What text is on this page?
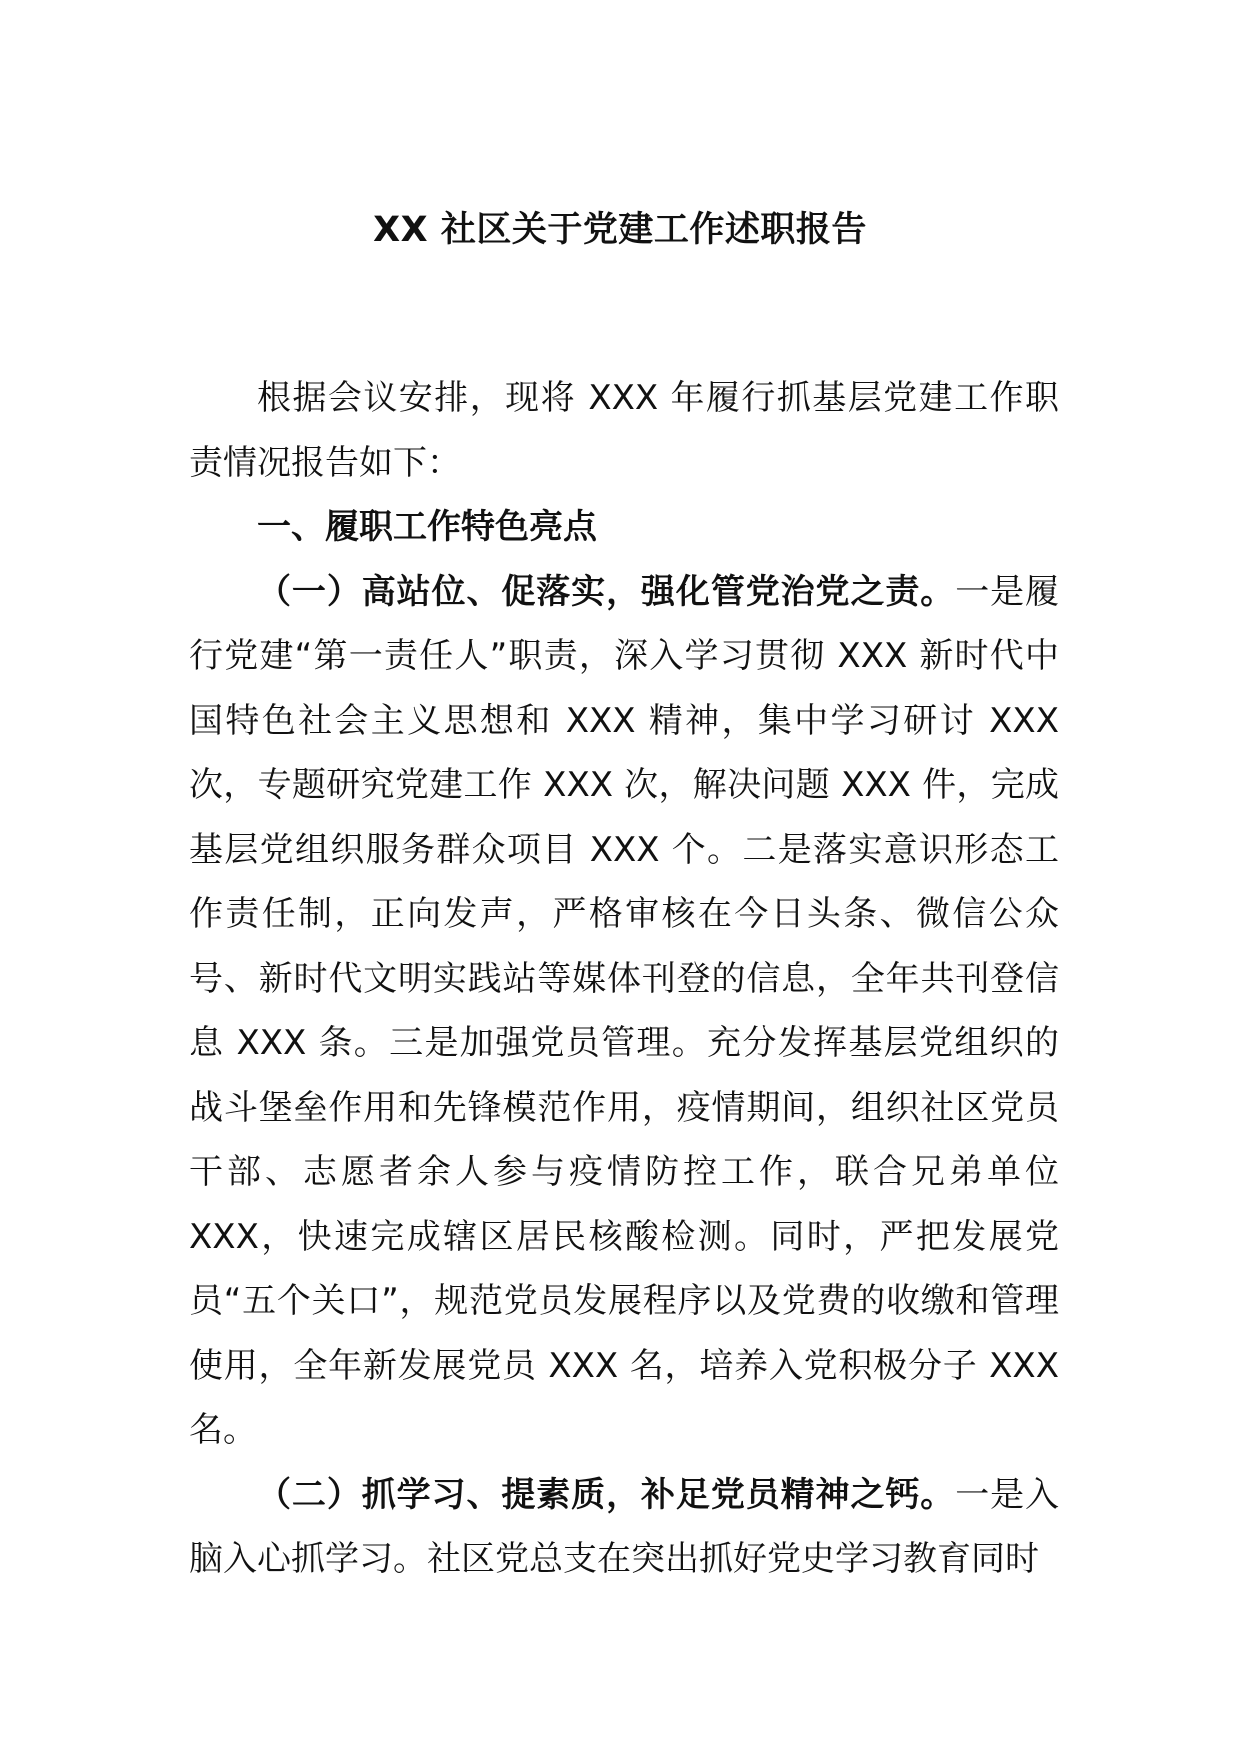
XX 社区关于党建工作述职报告

根据会议安排，现将 XXX 年履行抓基层党建工作职责情况报告如下：

一、履职工作特色亮点

（一）高站位、促落实，强化管党治党之责。一是履行党建“第一责任人”职责，深入学习贯彻 XXX 新时代中国特色社会主义思想和 XXX 精神，集中学习研讨 XXX 次，专题研究党建工作 XXX 次，解决问题 XXX 件，完成基层党组织服务群众项目 XXX 个。二是落实意识形态工作责任制，正向发声，严格审核在今日头条、微信公众号、新时代文明实践站等媒体刊登的信息，全年共刊登信息 XXX 条。三是加强党员管理。充分发挥基层党组织的战斗堡垒作用和先锋模范作用，疫情期间，组织社区党员干部、志愿者余人参与疫情防控工作，联合兄弟单位 XXX，快速完成辖区居民核酸检测。同时，严把发展党员“五个关口”，规范党员发展程序以及党费的收缴和管理使用，全年新发展党员 XXX 名，培养入党积极分子 XXX 名。

（二）抓学习、提素质，补足党员精神之钙。一是入脑入心抓学习。社区党总支在突出抓好党史学习教育同时
